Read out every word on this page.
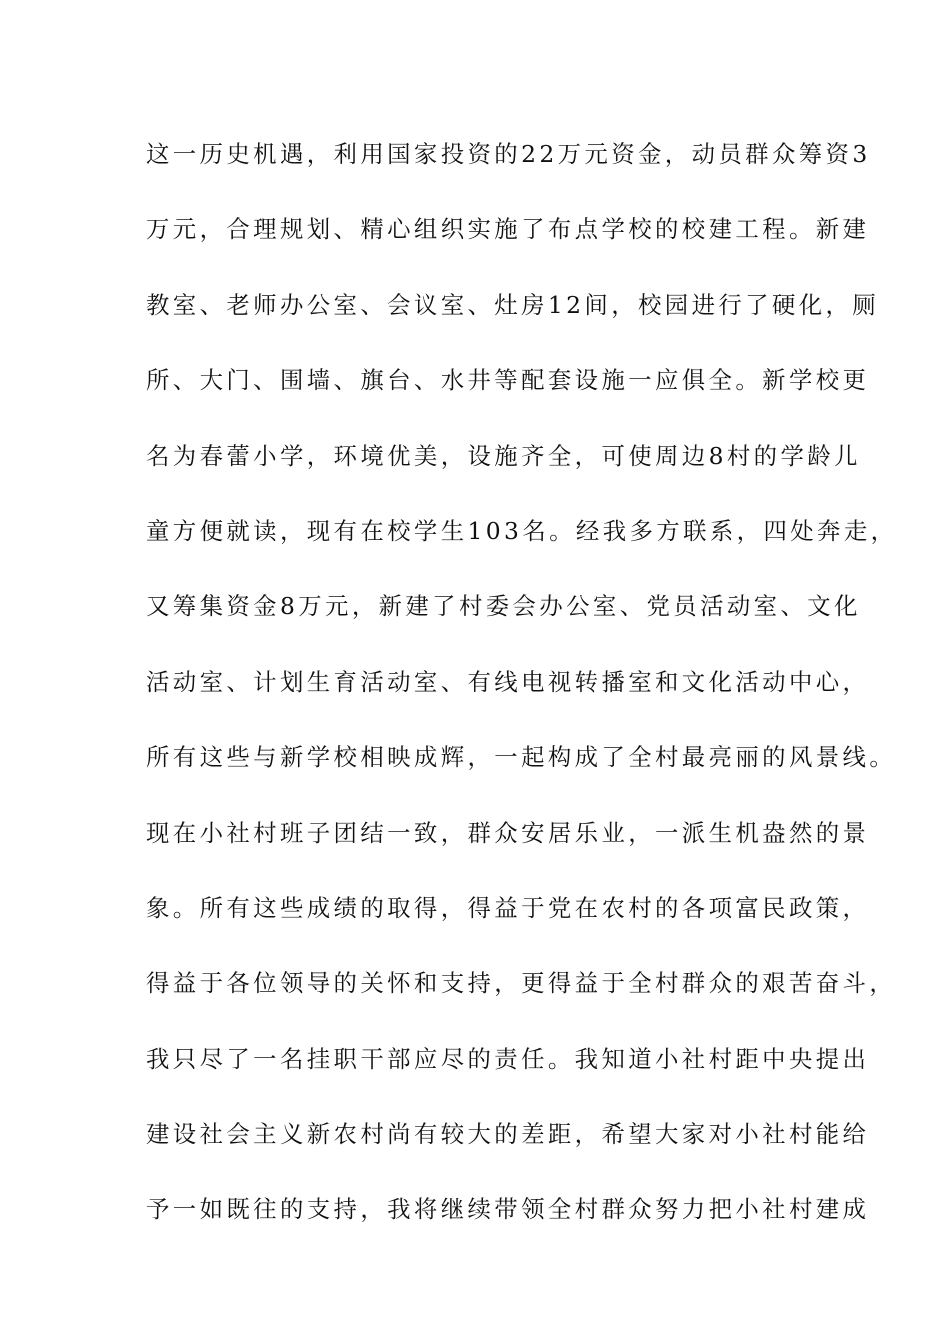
这一历史机遇，利用国家投资的22万元资金，动员群众筹资3
万元，合理规划、精心组织实施了布点学校的校建工程。新建
教室、老师办公室、会议室、灶房12间，校园进行了硬化，厕
所、大门、围墙、旗台、水井等配套设施一应俱全。新学校更
名为春蕾小学，环境优美，设施齐全，可使周边8村的学龄儿
童方便就读，现有在校学生103名。经我多方联系，四处奔走，
又筹集资金8万元，新建了村委会办公室、党员活动室、文化
活动室、计划生育活动室、有线电视转播室和文化活动中心，
所有这些与新学校相映成辉，一起构成了全村最亮丽的风景线。
现在小社村班子团结一致，群众安居乐业，一派生机盎然的景
象。所有这些成绩的取得，得益于党在农村的各项富民政策，
得益于各位领导的关怀和支持，更得益于全村群众的艰苦奋斗，
我只尽了一名挂职干部应尽的责任。我知道小社村距中央提出
建设社会主义新农村尚有较大的差距，希望大家对小社村能给
予一如既往的支持，我将继续带领全村群众努力把小社村建成
